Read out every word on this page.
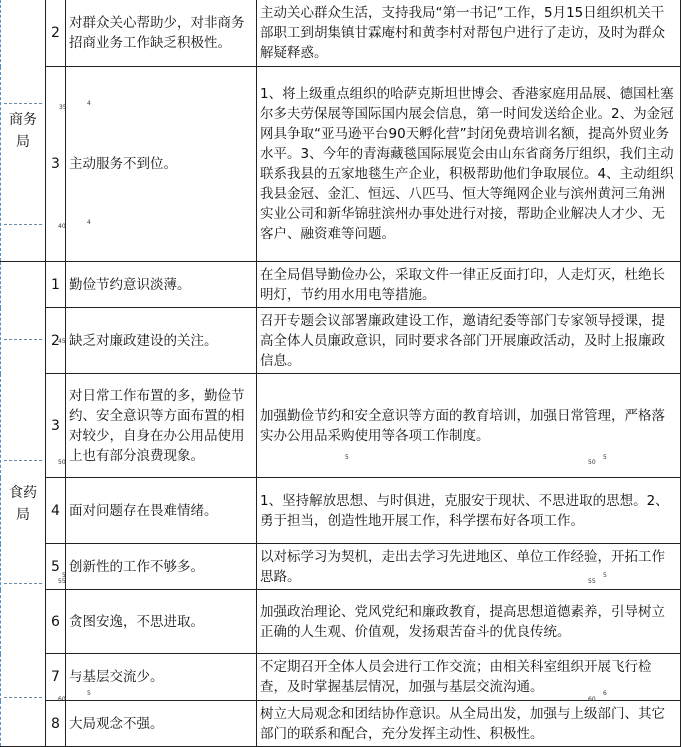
商务局	2	对群众关心帮助少，对非商务招商业务工作缺乏积极性。	主动关心群众生活，支持我局“第一书记”工作，5月15日组织机关干部职工到胡集镇甘霖庵村和黄李村对帮包户进行了走访，及时为群众解疑释惑。
	3	主动服务不到位。	1、将上级重点组织的哈萨克斯坦世博会、香港家庭用品展、德国杜塞尔多夫劳保展等国际国内展会信息，第一时间发送给企业。2、为金冠网具争取“亚马逊平台90天孵化营”封闭免费培训名额，提高外贸业务水平。3、今年的青海藏毯国际展览会由山东省商务厅组织，我们主动联系我县的五家地毯生产企业，积极帮助他们争取展位。4、主动组织我县金冠、金汇、恒远、八匹马、恒大等绳网企业与滨州黄河三角洲实业公司和新华锦驻滨州办事处进行对接，帮助企业解决人才少、无客户、融资难等问题。
食药局	1	勤俭节约意识淡薄。	在全局倡导勤俭办公，采取文件一律正反面打印，人走灯灭，杜绝长明灯，节约用水用电等措施。
	2	缺乏对廉政建设的关注。	召开专题会议部署廉政建设工作，邀请纪委等部门专家领导授课，提高全体人员廉政意识，同时要求各部门开展廉政活动，及时上报廉政信息。
	3	对日常工作布置的多，勤俭节约、安全意识等方面布置的相对较少，自身在办公用品使用上也有部分浪费现象。	加强勤俭节约和安全意识等方面的教育培训，加强日常管理，严格落实办公用品采购使用等各项工作制度。
	4	面对问题存在畏难情绪。	1、坚持解放思想、与时俱进，克服安于现状、不思进取的思想。2、勇于担当，创造性地开展工作，科学摆布好各项工作。
	5	创新性的工作不够多。	以对标学习为契机，走出去学习先进地区、单位工作经验，开拓工作思路。
	6	贪图安逸，不思进取。	加强政治理论、党风党纪和廉政教育，提高思想道德素养，引导树立正确的人生观、价值观，发扬艰苦奋斗的优良传统。
	7	与基层交流少。	不定期召开全体人员会进行工作交流；由相关科室组织开展飞行检查，及时掌握基层情况，加强与基层交流沟通。
	8	大局观念不强。	树立大局观念和团结协作意识。从全局出发，加强与上级部门、其它部门的联系和配合，充分发挥主动性、积极性。
35
4
40
4
45
5
50
5
50
5
55
5
55
5
60
6
60
